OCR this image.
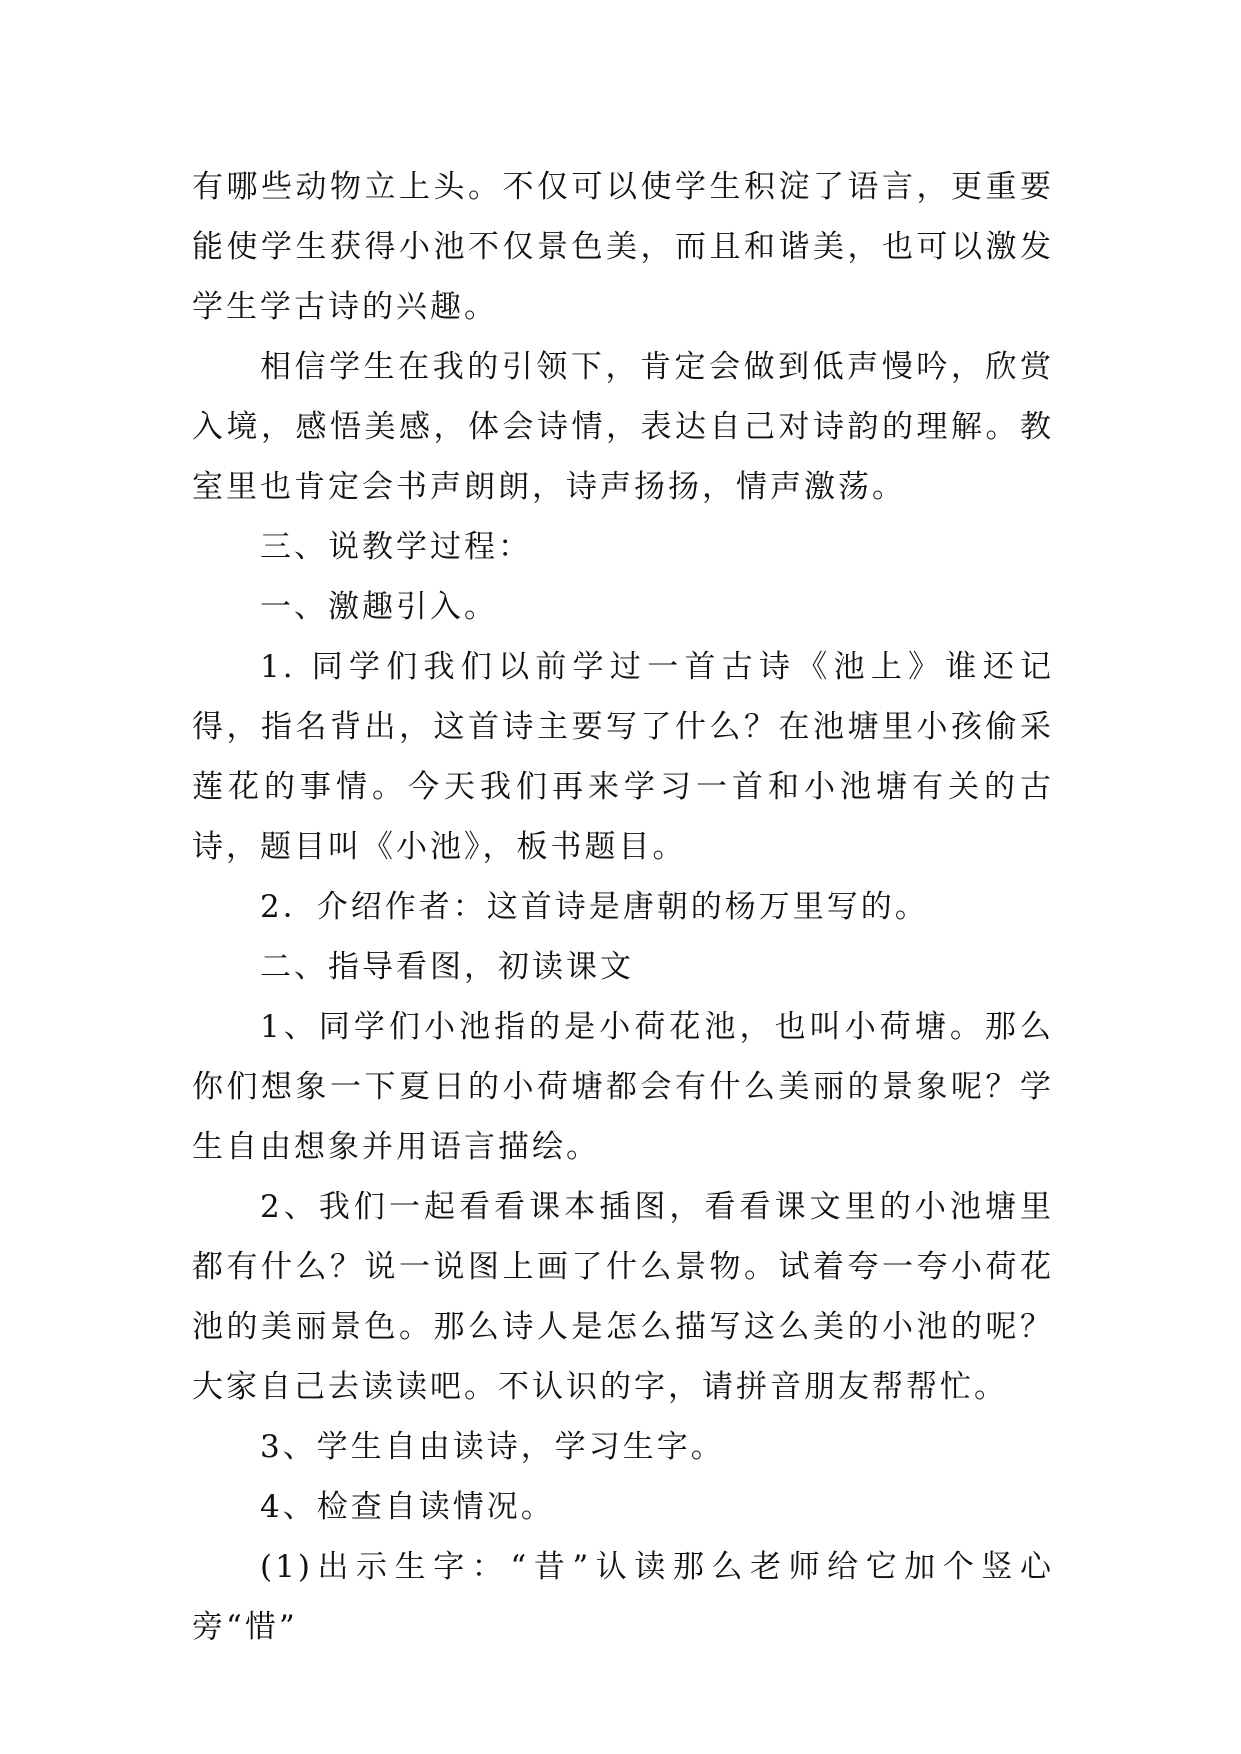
有哪些动物立上头。不仅可以使学生积淀了语言，更重要能使学生获得小池不仅景色美，而且和谐美，也可以激发学生学古诗的兴趣。

相信学生在我的引领下，肯定会做到低声慢吟，欣赏入境，感悟美感，体会诗情，表达自己对诗韵的理解。教室里也肯定会书声朗朗，诗声扬扬，情声激荡。

三、说教学过程：

一、激趣引入。

1. 同学们我们以前学过一首古诗《池上》谁还记得，指名背出，这首诗主要写了什么？在池塘里小孩偷采莲花的事情。今天我们再来学习一首和小池塘有关的古诗，题目叫《小池》，板书题目。

2．介绍作者：这首诗是唐朝的杨万里写的。

二、指导看图，初读课文

1、同学们小池指的是小荷花池，也叫小荷塘。那么你们想象一下夏日的小荷塘都会有什么美丽的景象呢？学生自由想象并用语言描绘。

2、我们一起看看课本插图，看看课文里的小池塘里都有什么？说一说图上画了什么景物。试着夸一夸小荷花池的美丽景色。那么诗人是怎么描写这么美的小池的呢？大家自己去读读吧。不认识的字，请拼音朋友帮帮忙。

3、学生自由读诗，学习生字。

4、检查自读情况。

(1)出示生字：“昔”认读那么老师给它加个竖心旁“惜”
